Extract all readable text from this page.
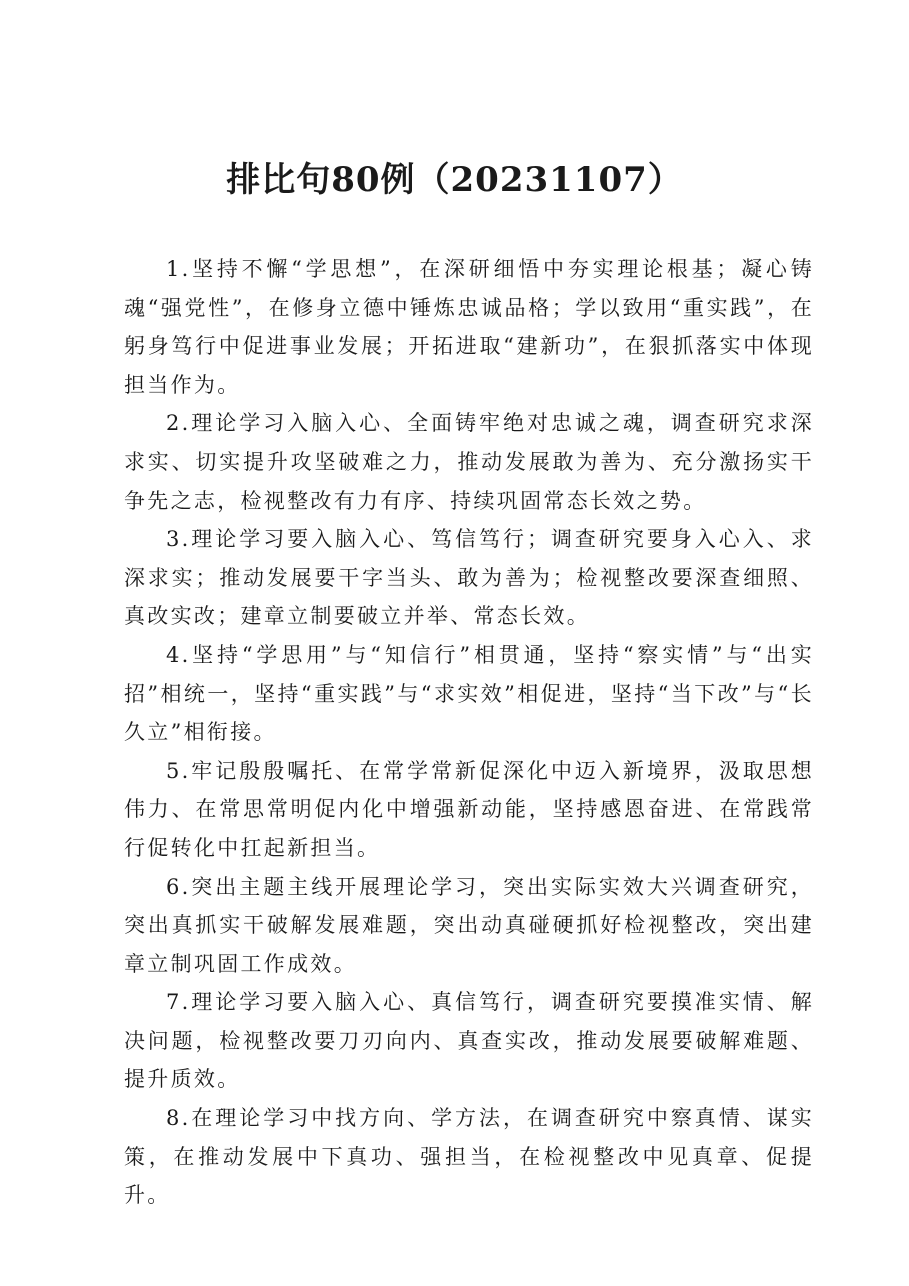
排比句80例（20231107）

1.坚持不懈“学思想”，在深研细悟中夯实理论根基；凝心铸魂“强党性”，在修身立德中锤炼忠诚品格；学以致用“重实践”，在躬身笃行中促进事业发展；开拓进取“建新功”，在狠抓落实中体现担当作为。

2.理论学习入脑入心、全面铸牢绝对忠诚之魂，调查研究求深求实、切实提升攻坚破难之力，推动发展敢为善为、充分激扬实干争先之志，检视整改有力有序、持续巩固常态长效之势。

3.理论学习要入脑入心、笃信笃行；调查研究要身入心入、求深求实；推动发展要干字当头、敢为善为；检视整改要深查细照、真改实改；建章立制要破立并举、常态长效。

4.坚持“学思用”与“知信行”相贯通，坚持“察实情”与“出实招”相统一，坚持“重实践”与“求实效”相促进，坚持“当下改”与“长久立”相衔接。

5.牢记殷殷嘱托、在常学常新促深化中迈入新境界，汲取思想伟力、在常思常明促内化中增强新动能，坚持感恩奋进、在常践常行促转化中扛起新担当。

6.突出主题主线开展理论学习，突出实际实效大兴调查研究，突出真抓实干破解发展难题，突出动真碰硬抓好检视整改，突出建章立制巩固工作成效。

7.理论学习要入脑入心、真信笃行，调查研究要摸准实情、解决问题，检视整改要刀刃向内、真查实改，推动发展要破解难题、提升质效。

8.在理论学习中找方向、学方法，在调查研究中察真情、谋实策，在推动发展中下真功、强担当，在检视整改中见真章、促提升。
